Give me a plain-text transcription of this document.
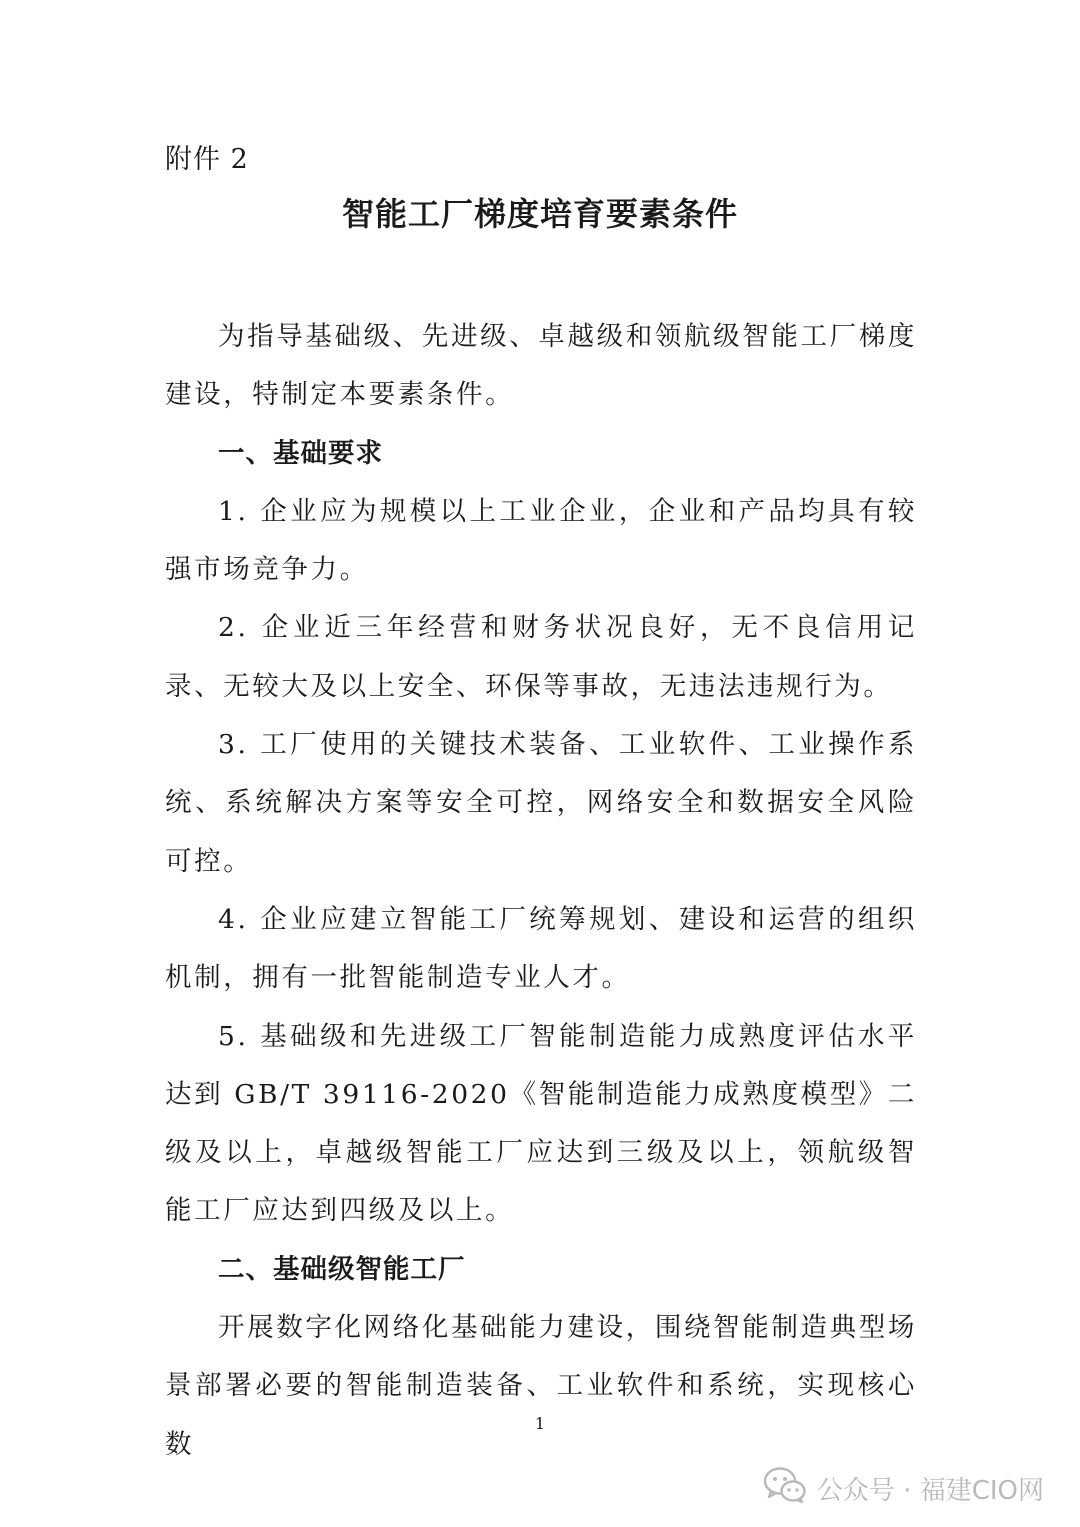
附件 2
智能工厂梯度培育要素条件

为指导基础级、先进级、卓越级和领航级智能工厂梯度建设，特制定本要素条件。

一、基础要求

1. 企业应为规模以上工业企业，企业和产品均具有较强市场竞争力。

2. 企业近三年经营和财务状况良好，无不良信用记录、无较大及以上安全、环保等事故，无违法违规行为。

3. 工厂使用的关键技术装备、工业软件、工业操作系统、系统解决方案等安全可控，网络安全和数据安全风险可控。

4. 企业应建立智能工厂统筹规划、建设和运营的组织机制，拥有一批智能制造专业人才。

5. 基础级和先进级工厂智能制造能力成熟度评估水平达到 GB/T 39116-2020《智能制造能力成熟度模型》二级及以上，卓越级智能工厂应达到三级及以上，领航级智能工厂应达到四级及以上。

二、基础级智能工厂

开展数字化网络化基础能力建设，围绕智能制造典型场景部署必要的智能制造装备、工业软件和系统，实现核心数

1
公众号 · 福建CIO网
